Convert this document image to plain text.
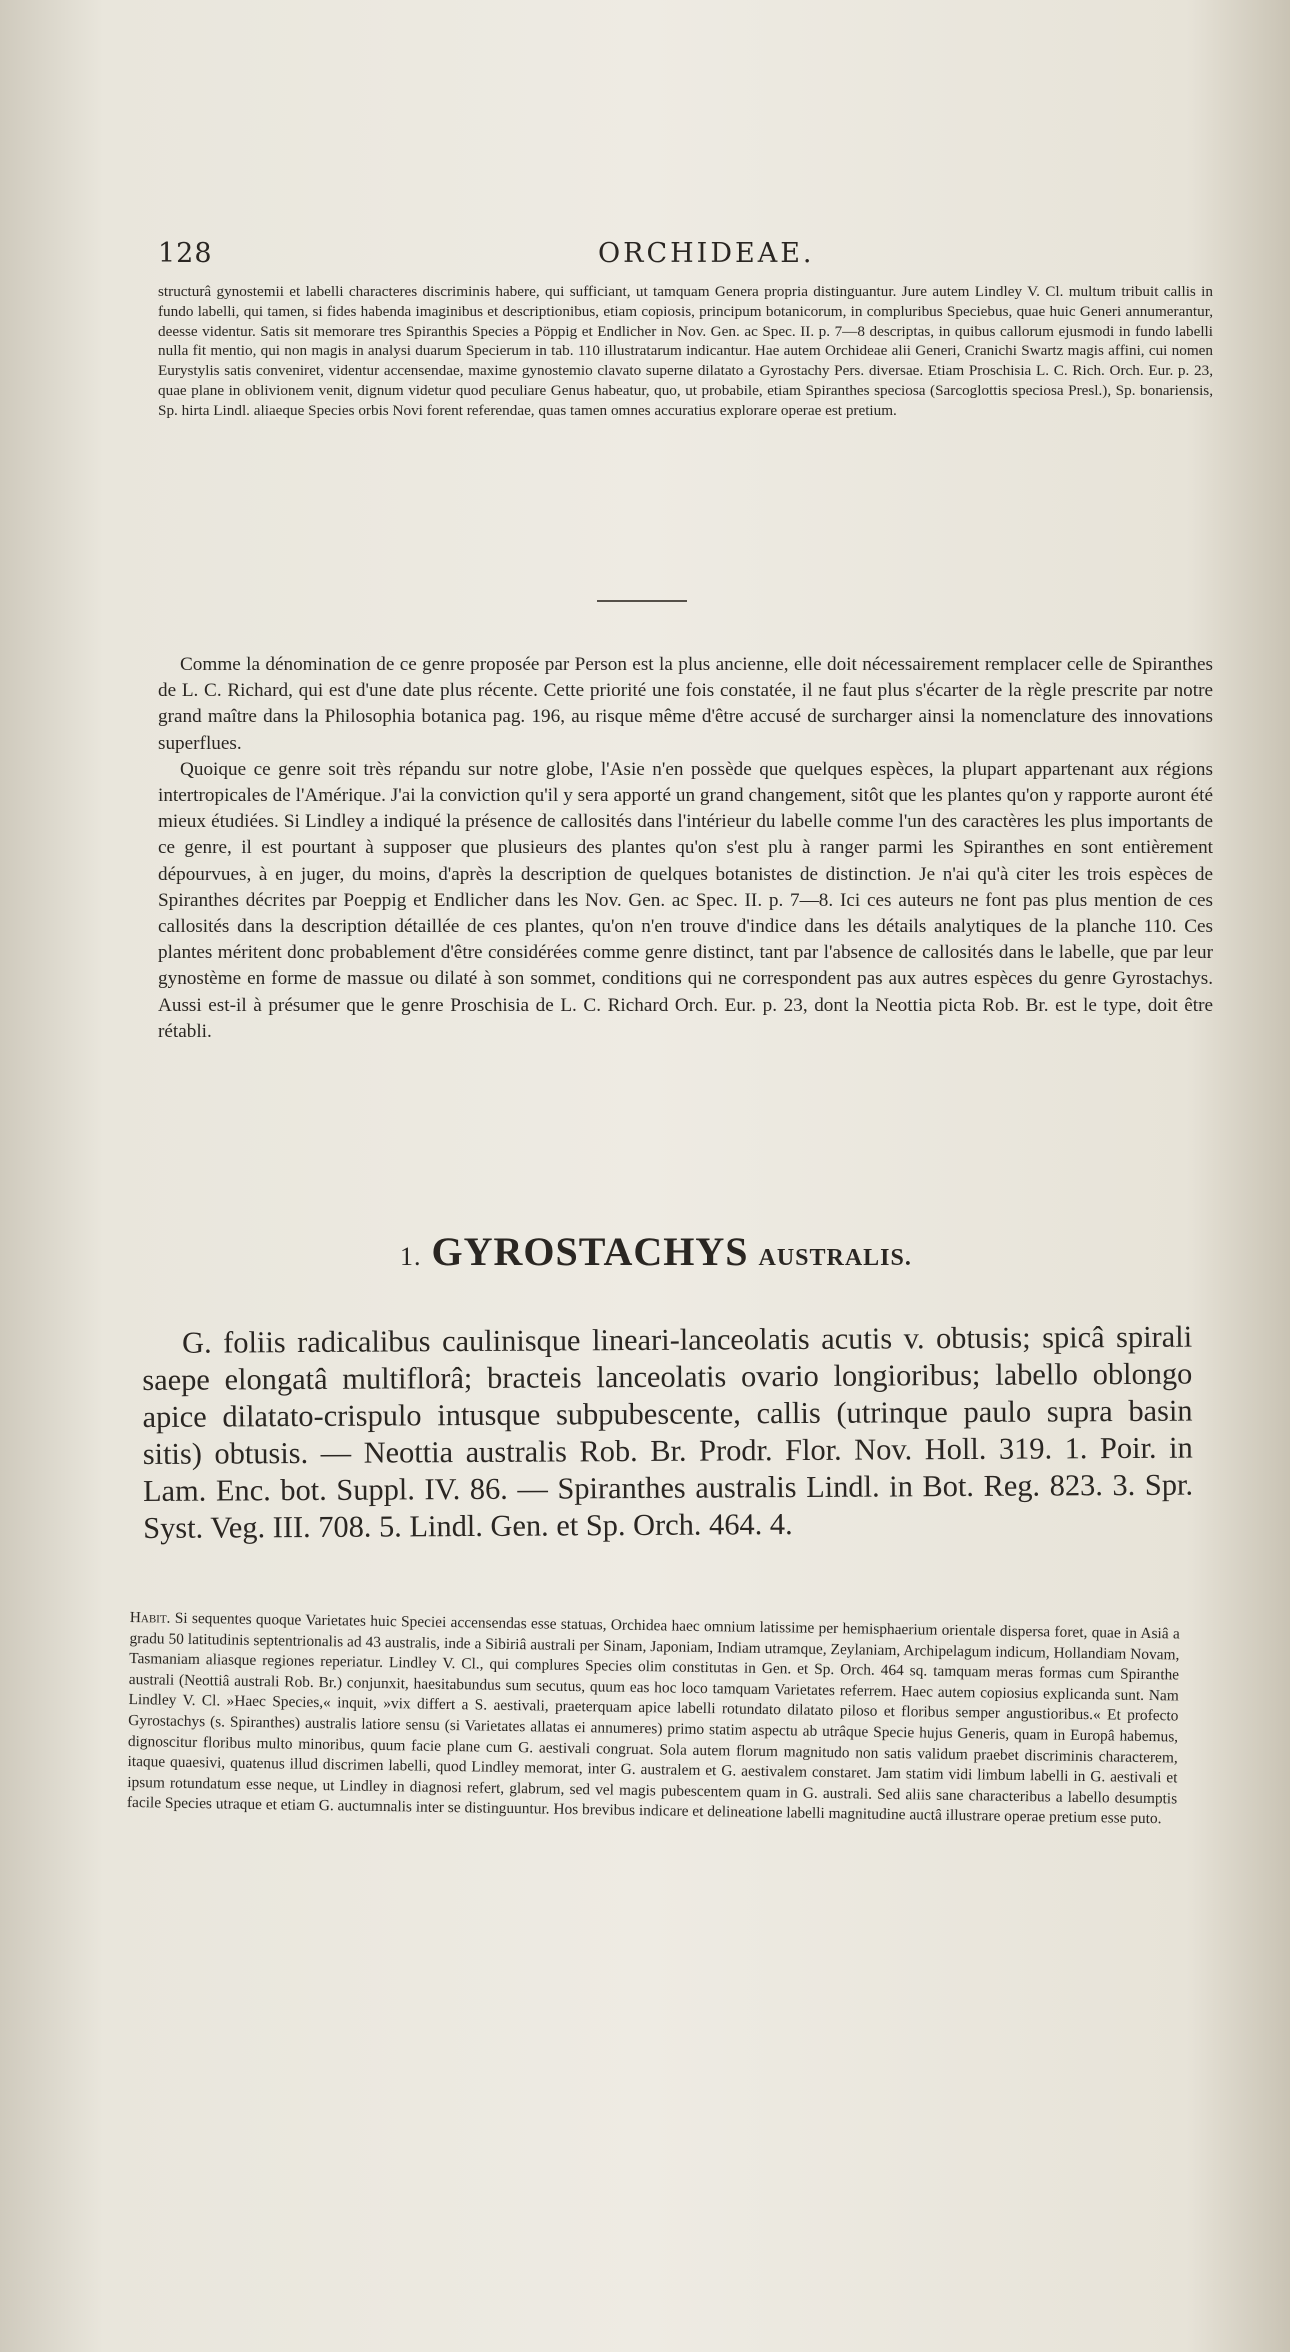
128	ORCHIDEAE.
structurâ gynostemii et labelli characteres discriminis habere, qui sufficiant, ut tamquam Genera propria distinguantur. Jure autem Lindley V. Cl. multum tribuit callis in fundo labelli, qui tamen, si fides habenda imaginibus et descriptionibus, etiam copiosis, principum botanicorum, in compluribus Speciebus, quae huic Generi annumerantur, deesse videntur. Satis sit memorare tres Spiranthis Species a Pöppig et Endlicher in Nov. Gen. ac Spec. II. p. 7—8 descriptas, in quibus callorum ejusmodi in fundo labelli nulla fit mentio, qui non magis in analysi duarum Specierum in tab. 110 illustratarum indicantur. Hae autem Orchideae alii Generi, Cranichi Swartz magis affini, cui nomen Eurystylis satis conveniret, videntur accensendae, maxime gynostemio clavato superne dilatato a Gyrostachy Pers. diversae. Etiam Proschisia L. C. Rich. Orch. Eur. p. 23, quae plane in oblivionem venit, dignum videtur quod peculiare Genus habeatur, quo, ut probabile, etiam Spiranthes speciosa (Sarcoglottis speciosa Presl.), Sp. bonariensis, Sp. hirta Lindl. aliaeque Species orbis Novi forent referendae, quas tamen omnes accuratius explorare operae est pretium.

Comme la dénomination de ce genre proposée par Person est la plus ancienne, elle doit nécessairement remplacer celle de Spiranthes de L. C. Richard, qui est d'une date plus récente. Cette priorité une fois constatée, il ne faut plus s'écarter de la règle prescrite par notre grand maître dans la Philosophia botanica pag. 196, au risque même d'être accusé de surcharger ainsi la nomenclature des innovations superflues.

Quoique ce genre soit très répandu sur notre globe, l'Asie n'en possède que quelques espèces, la plupart appartenant aux régions intertropicales de l'Amérique. J'ai la conviction qu'il y sera apporté un grand changement, sitôt que les plantes qu'on y rapporte auront été mieux étudiées. Si Lindley a indiqué la présence de callosités dans l'intérieur du labelle comme l'un des caractères les plus importants de ce genre, il est pourtant à supposer que plusieurs des plantes qu'on s'est plu à ranger parmi les Spiranthes en sont entièrement dépourvues, à en juger, du moins, d'après la description de quelques botanistes de distinction. Je n'ai qu'à citer les trois espèces de Spiranthes décrites par Poeppig et Endlicher dans les Nov. Gen. ac Spec. II. p. 7—8. Ici ces auteurs ne font pas plus mention de ces callosités dans la description détaillée de ces plantes, qu'on n'en trouve d'indice dans les détails analytiques de la planche 110. Ces plantes méritent donc probablement d'être considérées comme genre distinct, tant par l'absence de callosités dans le labelle, que par leur gynostème en forme de massue ou dilaté à son sommet, conditions qui ne correspondent pas aux autres espèces du genre Gyrostachys. Aussi est-il à présumer que le genre Proschisia de L. C. Richard Orch. Eur. p. 23, dont la Neottia picta Rob. Br. est le type, doit être rétabli.

1. GYROSTACHYS AUSTRALIS.

G. foliis radicalibus caulinisque lineari-lanceolatis acutis v. obtusis; spicâ spirali saepe elongatâ multiflorâ; bracteis lanceolatis ovario longioribus; labello oblongo apice dilatato-crispulo intusque subpubescente, callis (utrinque paulo supra basin sitis) obtusis. — Neottia australis Rob. Br. Prodr. Flor. Nov. Holl. 319. 1. Poir. in Lam. Enc. bot. Suppl. IV. 86. — Spiranthes australis Lindl. in Bot. Reg. 823. 3. Spr. Syst. Veg. III. 708. 5. Lindl. Gen. et Sp. Orch. 464. 4.

Habit. Si sequentes quoque Varietates huic Speciei accensendas esse statuas, Orchidea haec omnium latissime per hemisphaerium orientale dispersa foret, quae in Asiâ a gradu 50 latitudinis septentrionalis ad 43 australis, inde a Sibiriâ australi per Sinam, Japoniam, Indiam utramque, Zeylaniam, Archipelagum indicum, Hollandiam Novam, Tasmaniam aliasque regiones reperiatur. Lindley V. Cl., qui complures Species olim constitutas in Gen. et Sp. Orch. 464 sq. tamquam meras formas cum Spiranthe australi (Neottiâ australi Rob. Br.) conjunxit, haesitabundus sum secutus, quum eas hoc loco tamquam Varietates referrem. Haec autem copiosius explicanda sunt. Nam Lindley V. Cl. »Haec Species,« inquit, »vix differt a S. aestivali, praeterquam apice labelli rotundato dilatato piloso et floribus semper angustioribus.« Et profecto Gyrostachys (s. Spiranthes) australis latiore sensu (si Varietates allatas ei annumeres) primo statim aspectu ab utrâque Specie hujus Generis, quam in Europâ habemus, dignoscitur floribus multo minoribus, quum facie plane cum G. aestivali congruat. Sola autem florum magnitudo non satis validum praebet discriminis characterem, itaque quaesivi, quatenus illud discrimen labelli, quod Lindley memorat, inter G. australem et G. aestivalem constaret. Jam statim vidi limbum labelli in G. aestivali et ipsum rotundatum esse neque, ut Lindley in diagnosi refert, glabrum, sed vel magis pubescentem quam in G. australi. Sed aliis sane characteribus a labello desumptis facile Species utraque et etiam G. auctumnalis inter se distinguuntur. Hos brevibus indicare et delineatione labelli magnitudine auctâ illustrare operae pretium esse puto.
